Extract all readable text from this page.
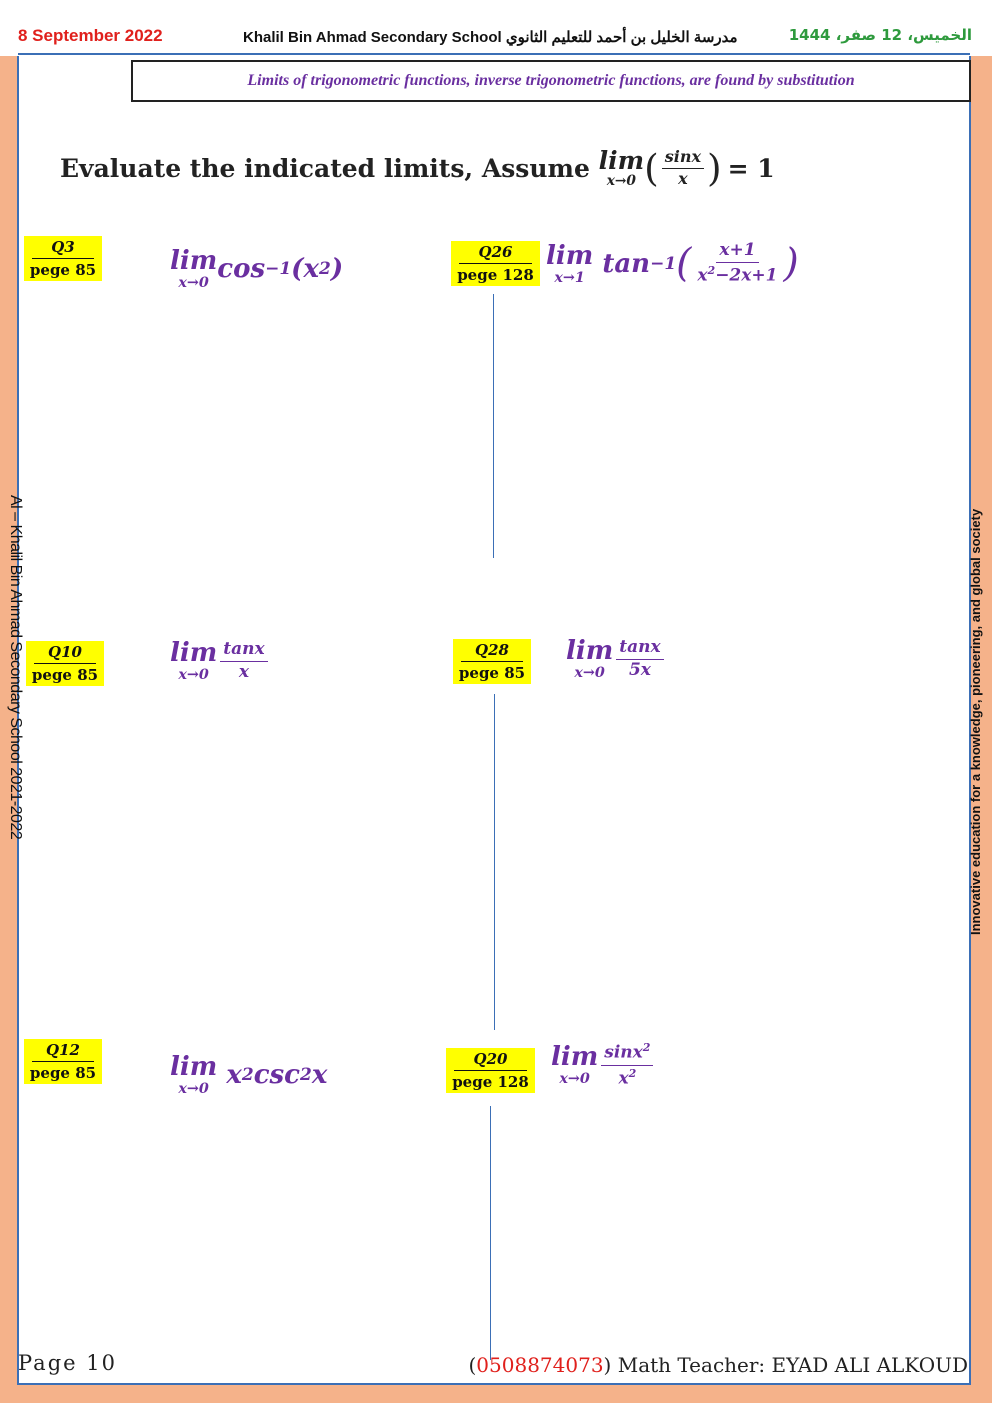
8 September 2022	Khalil Bin Ahmad Secondary School مدرسة الخليل بن أحمد للتعليم الثانوي	الخميس، 12 صفر، 1444
Limits of trigonometric functions, inverse trigonometric functions, are found by substitution
Evaluate the indicated limits, Assume
lim
x→0 ( $\frac{\sin x}{x}$ ) = 1
Q3
pege 85	lim
x→0 cos −1 (x 2 )
Q26
pege 128
lim
x→1
tan −1 ( $\frac{x+1}{x^2-2x+1}$ )
Q10
pege 85
lim
$x\to 0 \frac{\tan x}{x}$	Q28
pege 85
lim
$x\to 0 \frac{\tan x}{5x}$
Q12
pege 85	lim
x→0
x 2 csc 2 x
Q20
pege 128
lim
$x\to 0 \frac{\sin x^2}{x^2}$
Al – Khalil Bin Ahmad Secondary School 2021-2022	Innovative education for a knowledge, pioneering, and global society
Page 10	(0508874073) Math Teacher: EYAD ALI ALKOUD
